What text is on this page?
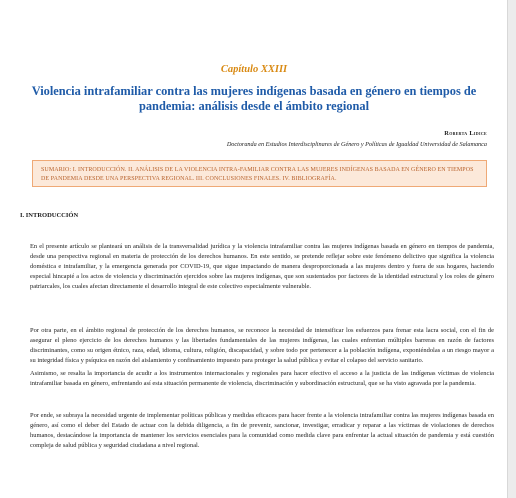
Capítulo XXIII
Violencia intrafamiliar contra las mujeres indígenas basada en género en tiempos de pandemia: análisis desde el ámbito regional
Roberta Lidice
Doctoranda en Estudios Interdisciplinares de Género y Políticas de Igualdad Universidad de Salamanca
SUMARIO: I. INTRODUCCIÓN. II. ANÁLISIS DE LA VIOLENCIA INTRA-FAMILIAR CONTRA LAS MUJERES INDÍGENAS BASADA EN GÉNERO EN TIEMPOS DE PANDEMIA DESDE UNA PERSPECTIVA REGIONAL. III. CONCLUSIONES FINALES. IV. BIBLIOGRAFÍA.
I. INTRODUCCIÓN

En el presente artículo se planteará un análisis de la transversalidad jurídica y la violencia intrafamiliar contra las mujeres indígenas basada en género en tiempos de pandemia, desde una perspectiva regional en materia de protección de los derechos humanos. En este sentido, se pretende reflejar sobre este fenómeno delictivo que significa la violencia doméstica e intrafamiliar, y la emergencia generada por COVID-19, que sigue impactando de manera desproporcionada a las mujeres dentro y fuera de sus hogares, haciendo especial hincapié a los actos de violencia y discriminación ejercidos sobre las mujeres indígenas, que son sustentados por factores de la identidad estructural y los roles de género patriarcales, los cuales afectan directamente el desarrollo integral de este colectivo especialmente vulnerable.

Por otra parte, en el ámbito regional de protección de los derechos humanos, se reconoce la necesidad de intensificar los esfuerzos para frenar esta lacra social, con el fin de asegurar el pleno ejercicio de los derechos humanos y las libertades fundamentales de las mujeres indígenas, las cuales enfrentan múltiples barreras en razón de factores discriminantes, como su origen étnico, raza, edad, idioma, cultura, religión, discapacidad, y sobre todo por pertenecer a la población indígena, exponiéndolas a un riesgo mayor a su integridad física y psíquica en razón del aislamiento y confinamiento impuesto para proteger la salud pública y evitar el colapso del servicio sanitario.

Asimismo, se resalta la importancia de acudir a los instrumentos internacionales y regionales para hacer efectivo el acceso a la justicia de las indígenas víctimas de violencia intrafamiliar basada en género, enfrentando así esta situación permanente de violencia, discriminación y subordinación estructural, que se ha visto agravada por la pandemia.

Por ende, se subraya la necesidad urgente de implementar políticas públicas y medidas eficaces para hacer frente a la violencia intrafamiliar contra las mujeres indígenas basada en género, así como el deber del Estado de actuar con la debida diligencia, a fin de prevenir, sancionar, investigar, erradicar y reparar a las víctimas de violaciones de derechos humanos, destacándose la importancia de mantener los servicios esenciales para la comunidad como medida clave para enfrentar la actual situación de pandemia y está cuestión compleja de salud pública y seguridad ciudadana a nivel regional.
